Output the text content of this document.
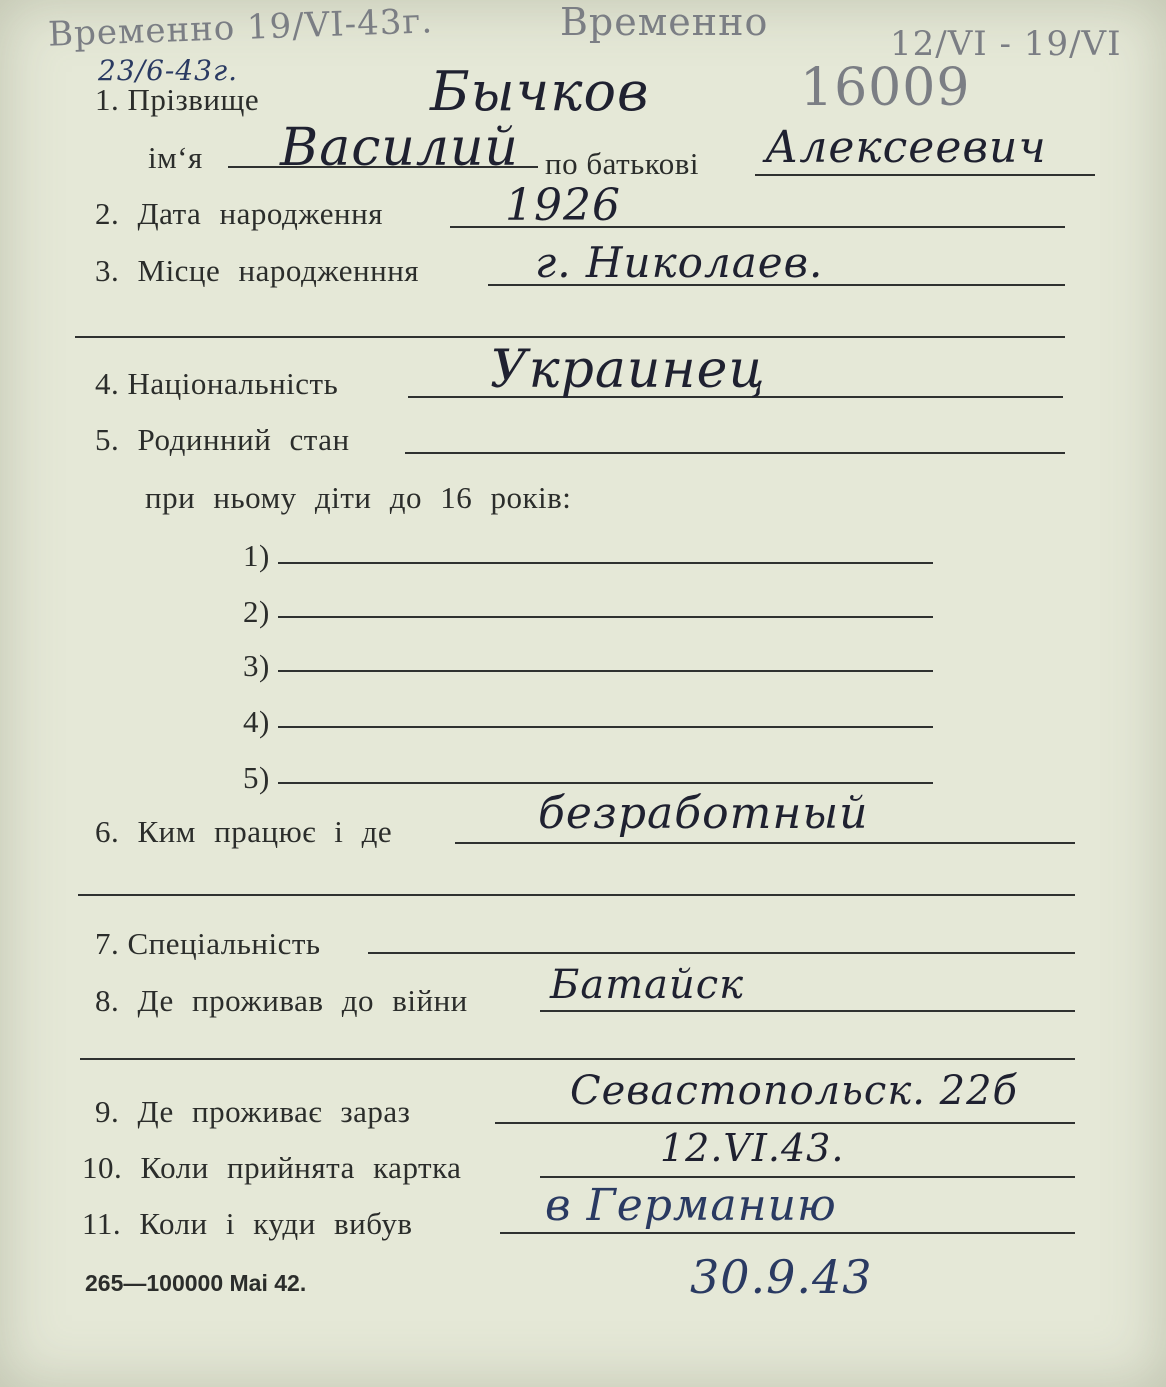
Временно 19/VI-43г.
23/6-43г.
Временно	12/VI - 19/VI
16009
1. Прізвище	Бычков
ім‘я Василий по батькові Алексеевич
2. Дата народження	1926
3. Місце народженння	г. Николаев.
4. Національність	Украинец
5. Родинний стан
при ньому діти до 16 років:
1)
2)
3)
4)
5)
6. Ким працює і де	безработный
7. Спеціальність
8. Де проживав до війни Батайск
9. Де проживає зараз	Севастопольск. 22б
10. Коли прийнята картка	12.VI.43.
11. Коли і куди вибув	в Германию
30.9.43
265—100000 Mai 42.
